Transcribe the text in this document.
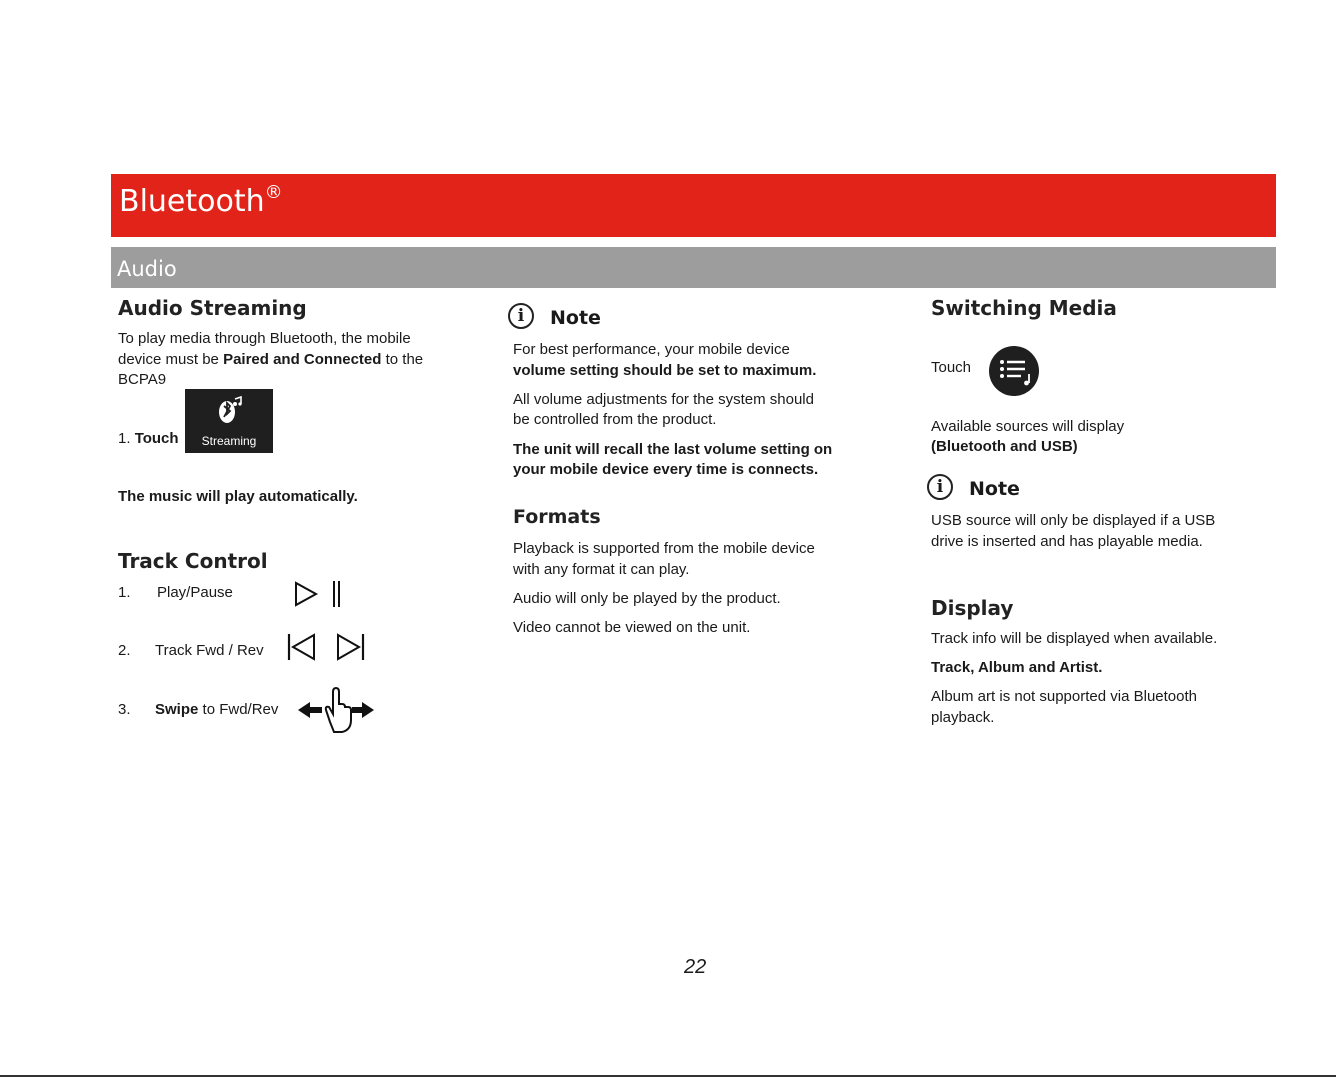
Bluetooth®
Audio
Audio Streaming

To play media through Bluetooth, the mobile

device must be Paired and Connected to the

BCPA9

1. Touch	Streaming

The music will play automatically.

Track Control

1. Play/Pause

2. Track Fwd / Rev

3. Swipe to Fwd/Rev

i	Note

For best performance, your mobile device

volume setting should be set to maximum.

All volume adjustments for the system should

be controlled from the product.

The unit will recall the last volume setting on

your mobile device every time is connects.

Formats

Playback is supported from the mobile device

with any format it can play.

Audio will only be played by the product.

Video cannot be viewed on the unit.

Switching Media

Touch

Available sources will display

(Bluetooth and USB)

i	Note

USB source will only be displayed if a USB

drive is inserted and has playable media.

Display

Track info will be displayed when available.

Track, Album and Artist.

Album art is not supported via Bluetooth

playback.

22
